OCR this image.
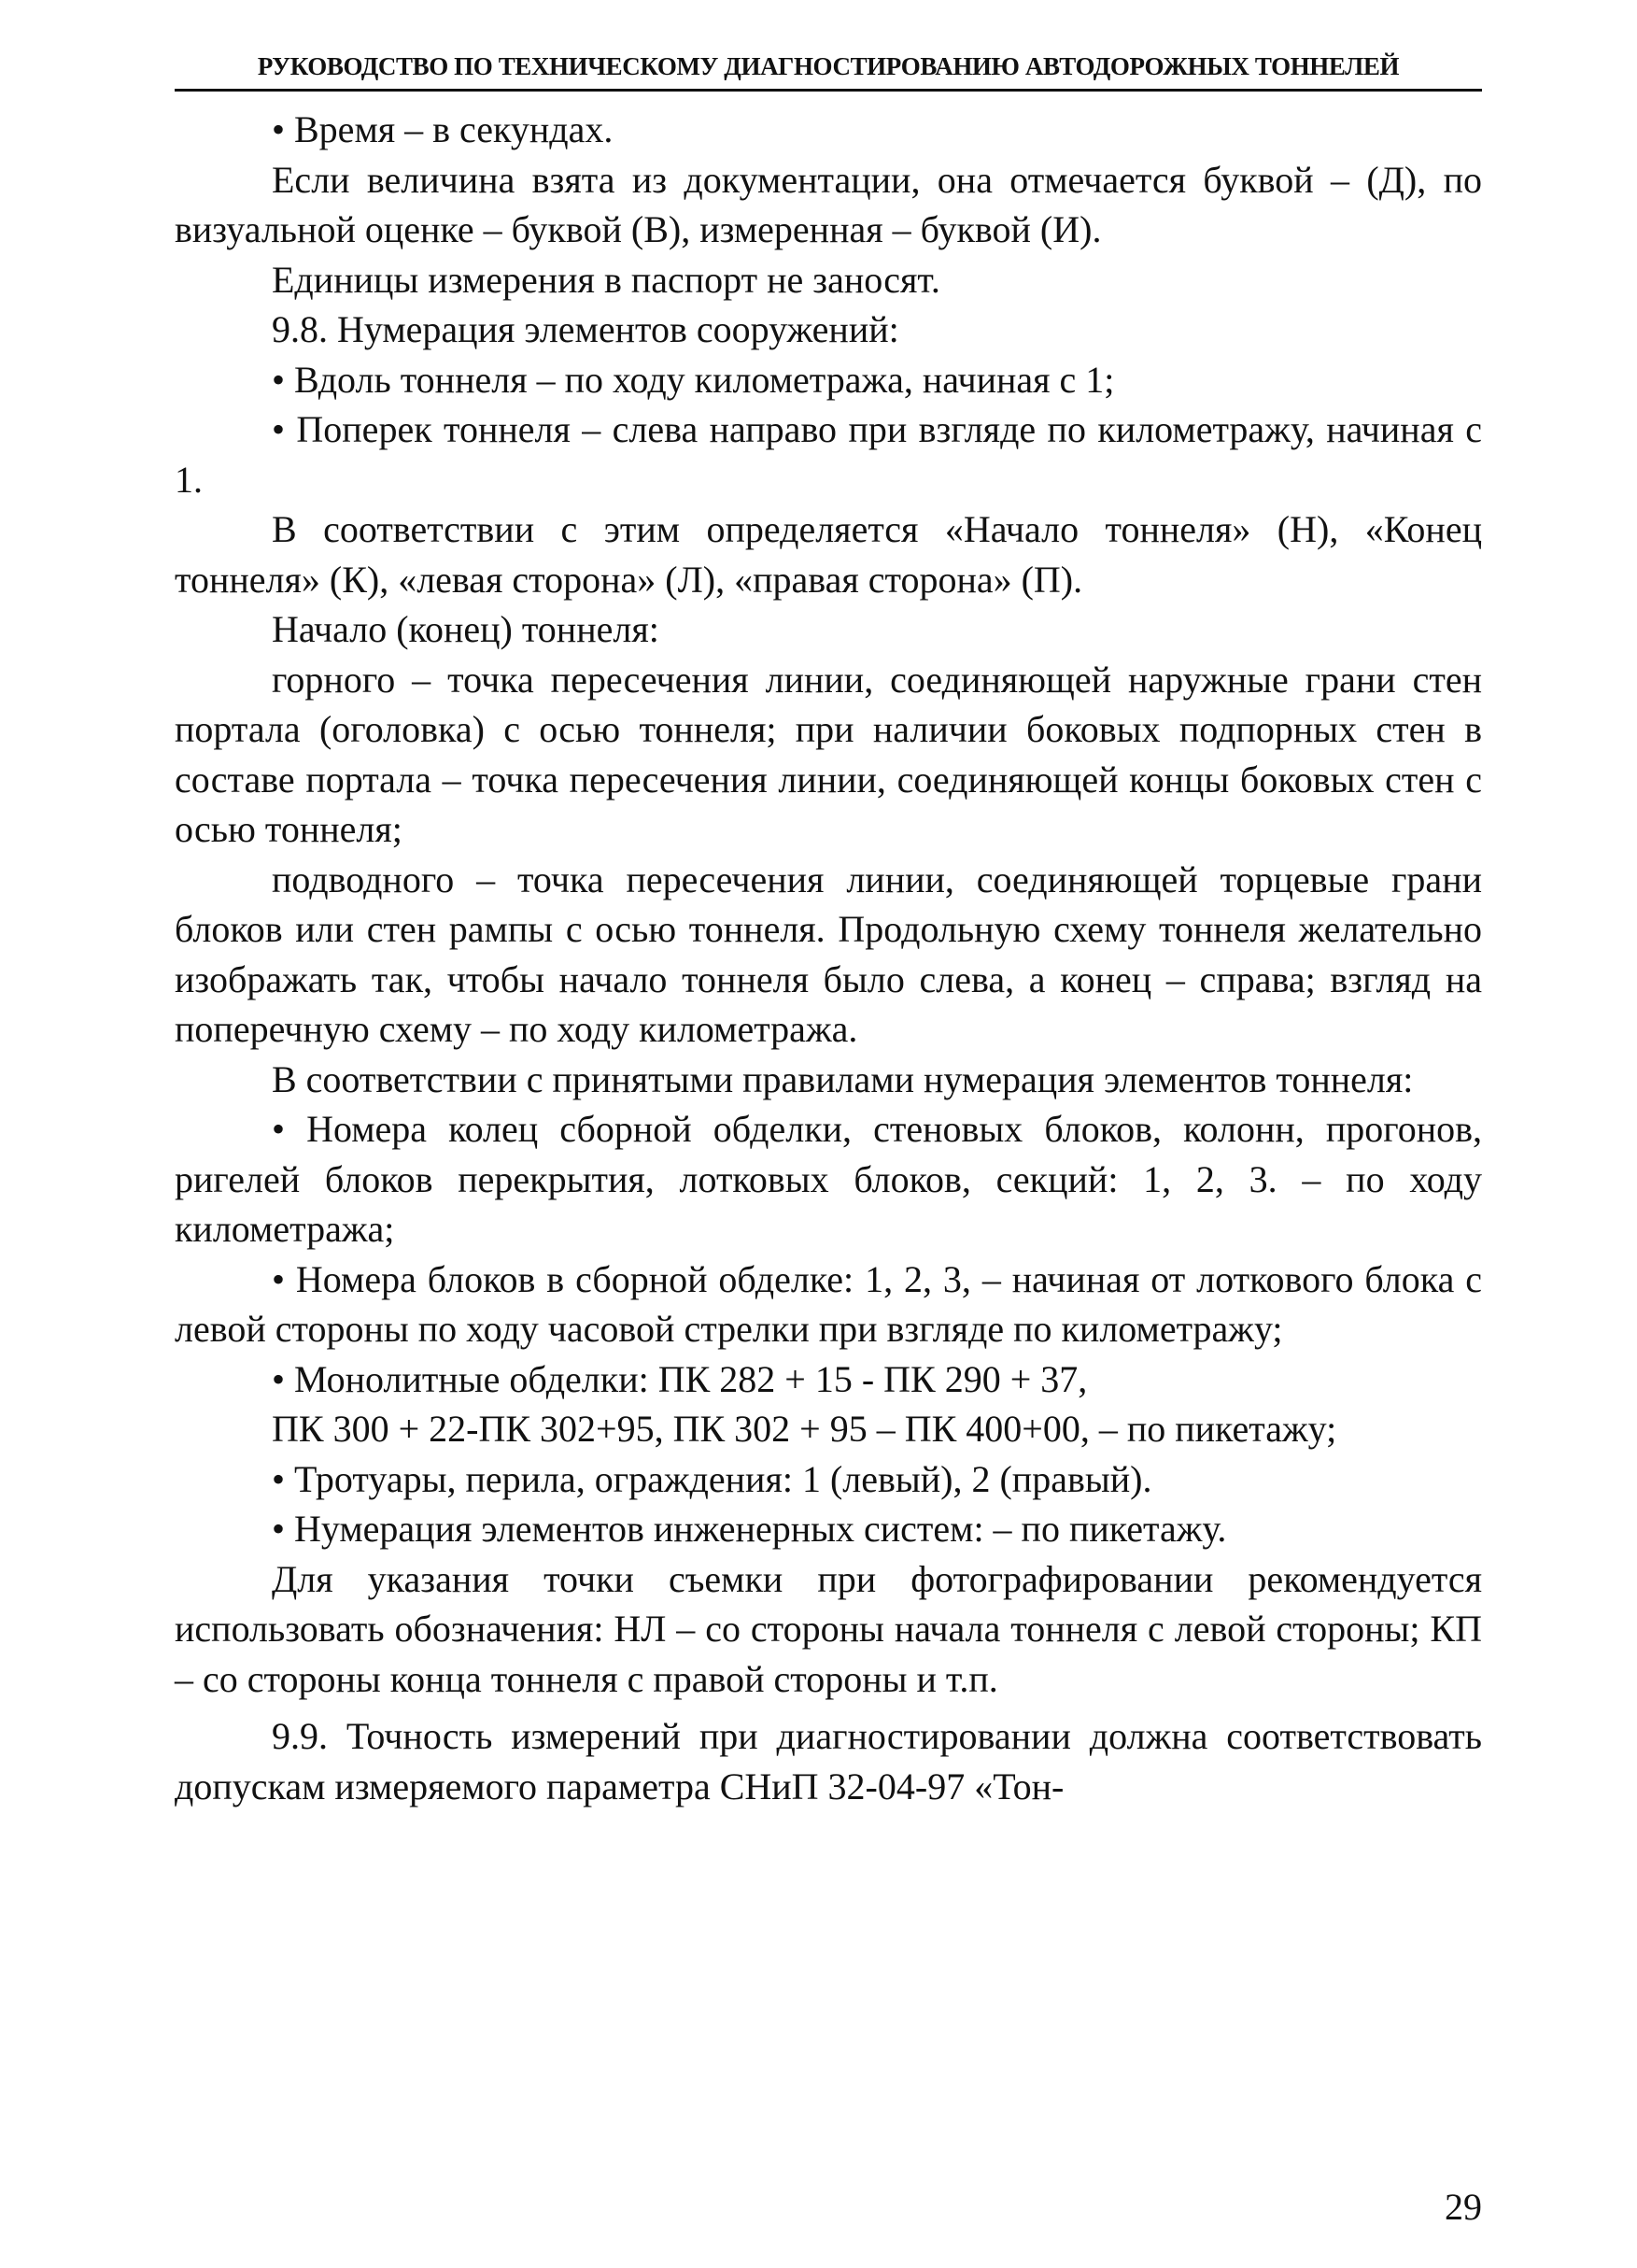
РУКОВОДСТВО ПО ТЕХНИЧЕСКОМУ ДИАГНОСТИРОВАНИЮ АВТОДОРОЖНЫХ ТОННЕЛЕЙ

• Время – в секундах.

Если величина взята из документации, она отмечается буквой – (Д), по визуальной оценке – буквой (В), измеренная – буквой (И).

Единицы измерения в паспорт не заносят.

9.8. Нумерация элементов сооружений:

• Вдоль тоннеля – по ходу километража, начиная с 1;

• Поперек тоннеля – слева направо при взгляде по километражу, начиная с 1.

В соответствии с этим определяется «Начало тоннеля» (Н), «Конец тоннеля» (К), «левая сторона» (Л), «правая сторона» (П).

Начало (конец) тоннеля:

горного – точка пересечения линии, соединяющей наружные грани стен портала (оголовка) с осью тоннеля; при наличии боковых подпорных стен в составе портала – точка пересечения линии, соединяющей концы боковых стен с осью тоннеля;

подводного – точка пересечения линии, соединяющей торцевые грани блоков или стен рампы с осью тоннеля. Продольную схему тоннеля желательно изображать так, чтобы начало тоннеля было слева, а конец – справа; взгляд на поперечную схему – по ходу километража.

В соответствии с принятыми правилами нумерация элементов тоннеля:

• Номера колец сборной обделки, стеновых блоков, колонн, прогонов, ригелей блоков перекрытия, лотковых блоков, секций: 1, 2, 3. – по ходу километража;

• Номера блоков в сборной обделке: 1, 2, 3, – начиная от лоткового блока с левой стороны по ходу часовой стрелки при взгляде по километражу;

• Монолитные обделки: ПК 282 + 15 - ПК 290 + 37,

ПК 300 + 22-ПК 302+95, ПК 302 + 95 – ПК 400+00, – по пикетажу;

• Тротуары, перила, ограждения: 1 (левый), 2 (правый).

• Нумерация элементов инженерных систем: – по пикетажу.

Для указания точки съемки при фотографировании рекомендуется использовать обозначения: НЛ – со стороны начала тоннеля с левой стороны; КП – со стороны конца тоннеля с правой стороны и т.п.

9.9. Точность измерений при диагностировании должна соответствовать допускам измеряемого параметра СНиП 32-04-97 «Тон-

29
